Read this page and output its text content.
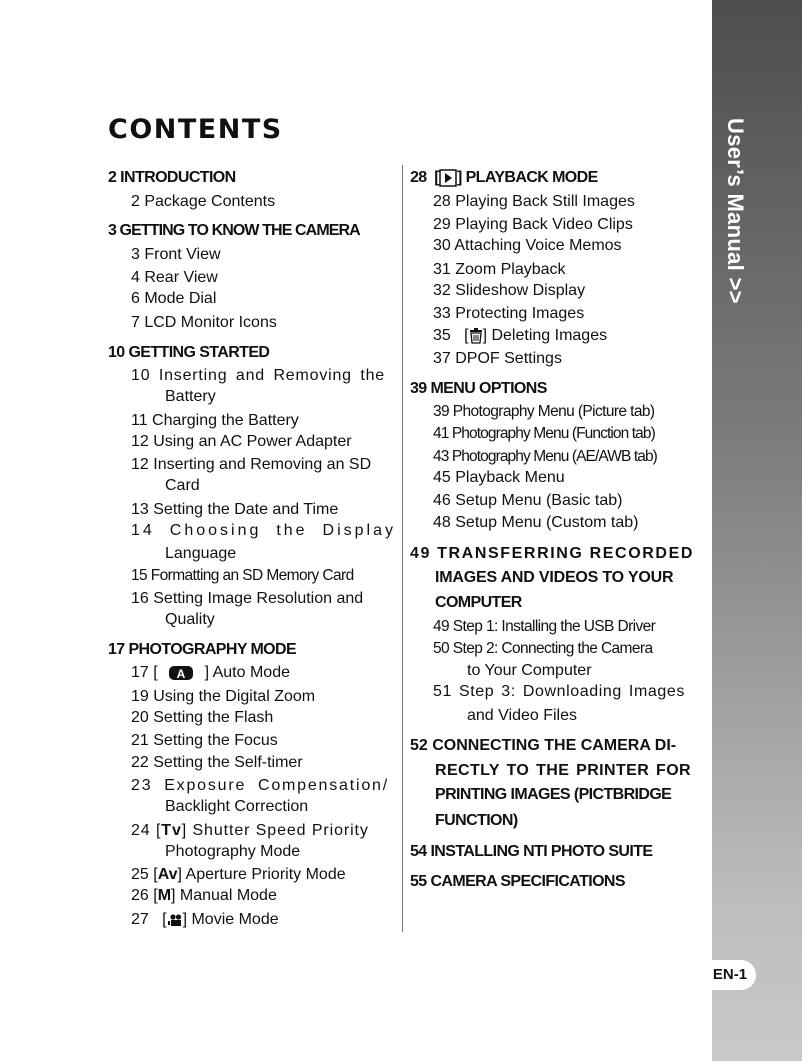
CONTENTS	User’s Manual >>
EN-1
2 INTRODUCTION
2 Package Contents
3 GETTING TO KNOW THE CAMERA
3 Front View
4 Rear View
6 Mode Dial
7 LCD Monitor Icons
10 GETTING STARTED
10 Inserting and Removing the
Battery
11 Charging the Battery
12 Using an AC Power Adapter
12 Inserting and Removing an SD
Card
13 Setting the Date and Time
14 Choosing the Display
Language
15 Formatting an SD Memory Card
16 Setting Image Resolution and
Quality
17 PHOTOGRAPHY MODE
17 [ A ] Auto Mode
19 Using the Digital Zoom
20 Setting the Flash
21 Setting the Focus
22 Setting the Self-timer
23 Exposure Compensation/
Backlight Correction
24 [Tv] Shutter Speed Priority
Photography Mode
25 [Av] Aperture Priority Mode
26 [M] Manual Mode
27   [ ] Movie Mode
28  [ ] PLAYBACK MODE
28 Playing Back Still Images
29 Playing Back Video Clips
30 Attaching Voice Memos
31 Zoom Playback
32 Slideshow Display
33 Protecting Images
35   [ ] Deleting Images
37 DPOF Settings
39 MENU OPTIONS
39 Photography Menu (Picture tab)
41 Photography Menu (Function tab)
43 Photography Menu (AE/AWB tab)
45 Playback Menu
46 Setup Menu (Basic tab)
48 Setup Menu (Custom tab)
49 TRANSFERRING RECORDED
IMAGES AND VIDEOS TO YOUR
COMPUTER
49 Step 1: Installing the USB Driver
50 Step 2: Connecting the Camera
to Your Computer
51 Step 3: Downloading Images
and Video Files
52 CONNECTING THE CAMERA DI-
RECTLY TO THE PRINTER FOR
PRINTING IMAGES (PICTBRIDGE
FUNCTION)
54 INSTALLING NTI PHOTO SUITE
55 CAMERA SPECIFICATIONS
